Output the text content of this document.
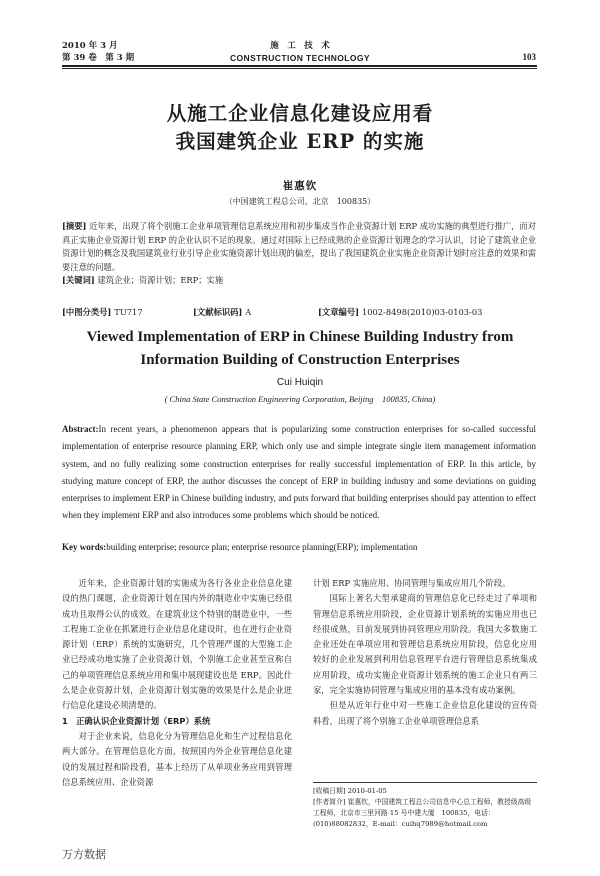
2010 年 3 月
第 39 卷　第 3 期
施　工　技　术
CONSTRUCTION TECHNOLOGY	103
从施工企业信息化建设应用看
我国建筑企业 ERP 的实施
崔惠钦
（中国建筑工程总公司，北京　100835）
[摘要] 近年来，出现了将个别施工企业单项管理信息系统应用和初步集成当作企业资源计划 ERP 成功实施的典型进行推广，而对真正实施企业资源计划 ERP 的企业认识不足的现象。通过对国际上已经成熟的企业资源计划理念的学习认识，讨论了建筑业企业资源计划的概念及我国建筑业行业引导企业实施资源计划出现的偏差，提出了我国建筑企业实施企业资源计划时应注意的效果和需要注意的问题。
[关键词] 建筑企业；资源计划；ERP；实施
[中图分类号] TU717	[文献标识码] A	[文章编号] 1002-8498(2010)03-0103-03
Viewed Implementation of ERP in Chinese Building Industry from
Information Building of Construction Enterprises
Cui Huiqin
( China State Construction Engineering Corporation, Beijing　100835, China)
Abstract:In recent years, a phenomenon appears that is popularizing some construction enterprises for so-called successful implementation of enterprise resource planning ERP, which only use and simple integrate single item management information system, and no fully realizing some construction enterprises for really successful implementation of ERP. In this article, by studying mature concept of ERP, the author discusses the concept of ERP in building industry and some deviations on guiding enterprises to implement ERP in Chinese building industry, and puts forward that building enterprises should pay attention to effect when they implement ERP and also introduces some problems which should be noticed.
Key words:building enterprise; resource plan; enterprise resource planning(ERP); implementation

近年来，企业资源计划的实施成为各行各业企业信息化建设的热门课题，企业资源计划在国内外的制造业中实施已经很成功且取得公认的成效。在建筑业这个特别的制造业中，一些工程施工企业在抓紧进行企业信息化建设时，也在进行企业资源计划（ERP）系统的实施研究，几个管理严谨的大型施工企业已经成功地实施了企业资源计划，个别施工企业甚至宣称自己的单项管理信息系统应用和集中展现建设也是 ERP。因此什么是企业资源计划，企业资源计划实施的效果是什么是企业进行信息化建设必须清楚的。

1　正确认识企业资源计划（ERP）系统

对于企业来说，信息化分为管理信息化和生产过程信息化两大部分。在管理信息化方面，按照国内外企业管理信息化建设的发展过程和阶段看，基本上经历了从单项业务应用到管理信息系统应用、企业资源

计划 ERP 实施应用、协同管理与集成应用几个阶段。

国际上著名大型承建商的管理信息化已经走过了单项和管理信息系统应用阶段，企业资源计划系统的实施应用也已经很成熟，目前发展到协同管理应用阶段。我国大多数施工企业还处在单项应用和管理信息系统应用阶段，信息化应用较好的企业发展到利用信息管理平台进行管理信息系统集成应用阶段，成功实施企业资源计划系统的施工企业只有两三家，完全实施协同管理与集成应用的基本没有成功案例。

但是从近年行业中对一些施工企业信息化建设的宣传资料看，出现了将个别施工企业单项管理信息系

[收稿日期] 2010-01-05
[作者简介] 崔惠钦，中国建筑工程总公司信息中心总工程师，教授级高级工程师，北京市三里河路 15 号中建大厦　100835，电话：(010)88082832，E-mail：cuihq7989@hotmail.com
万方数据
